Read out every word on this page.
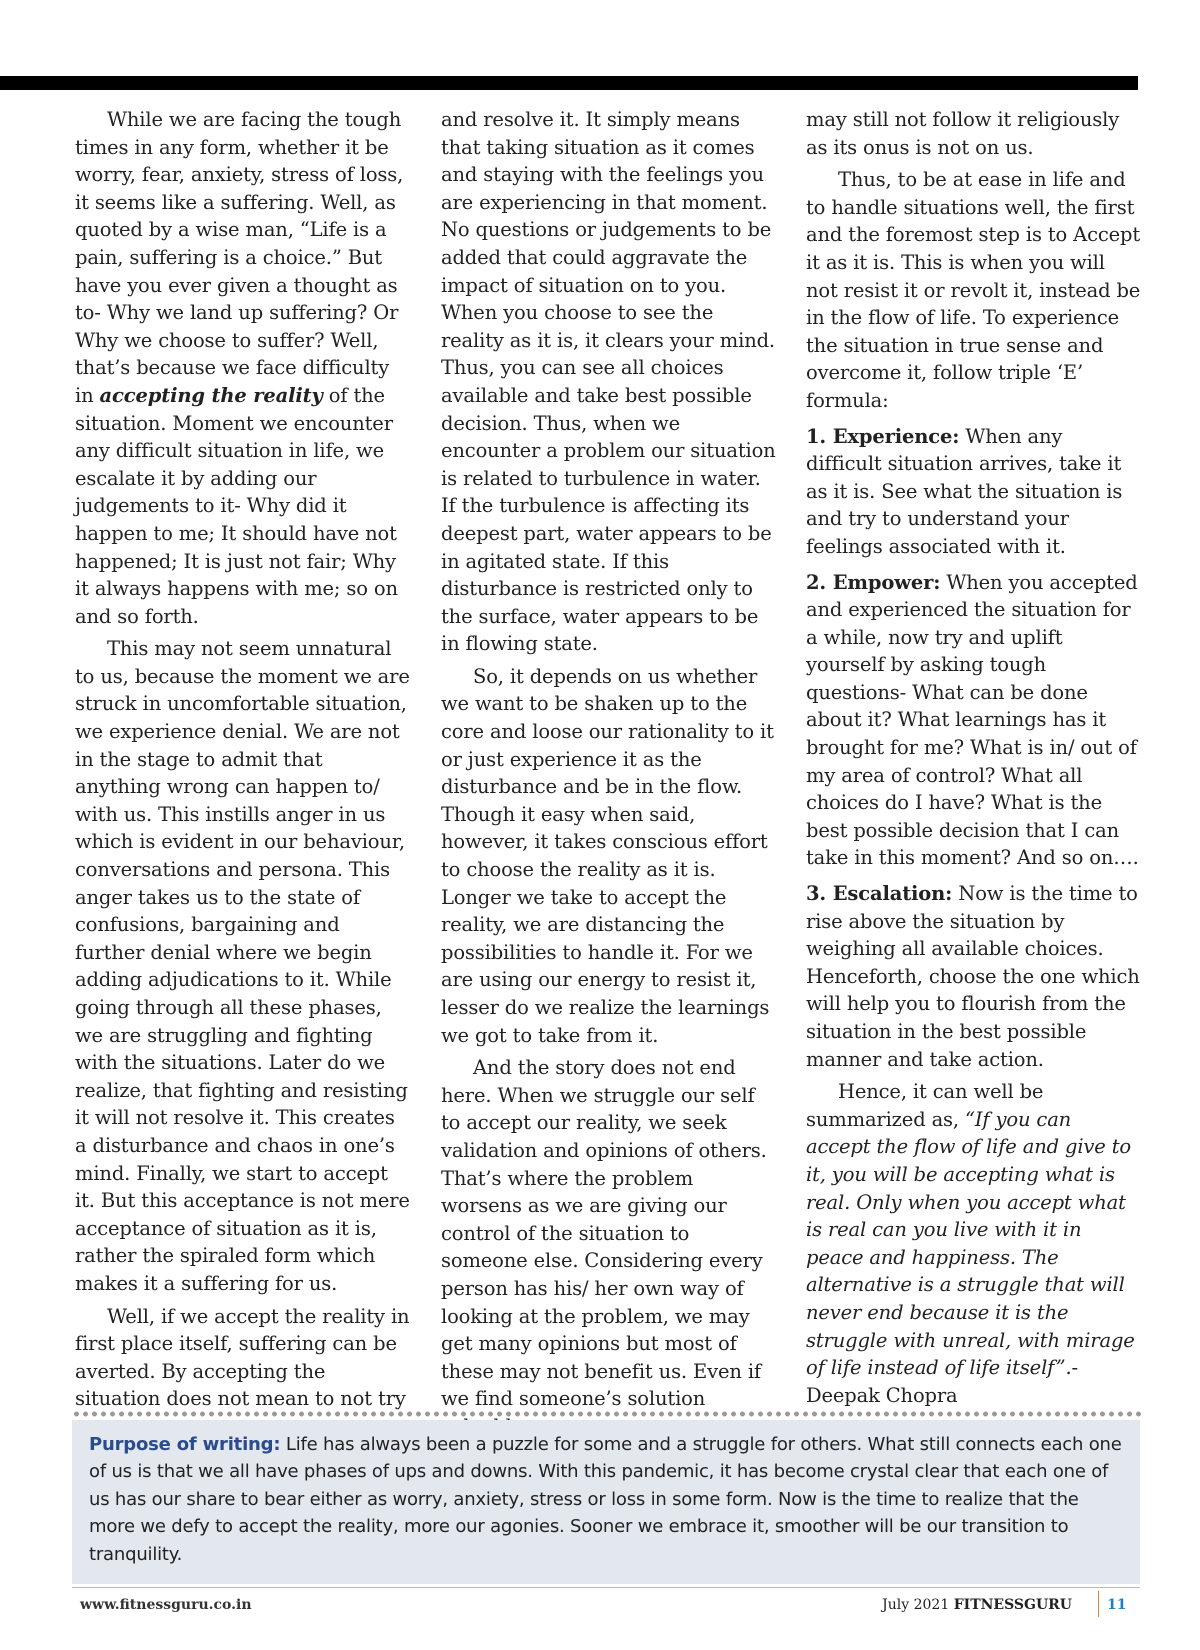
While we are facing the tough times in any form, whether it be worry, fear, anxiety, stress of loss, it seems like a suffering. Well, as quoted by a wise man, “Life is a pain, suffering is a choice.” But have you ever given a thought as to- Why we land up suffering? Or Why we choose to suffer? Well, that’s because we face difficulty in accepting the reality of the situation. Moment we encounter any difficult situation in life, we escalate it by adding our judgements to it- Why did it happen to me; It should have not happened; It is just not fair; Why it always happens with me; so on and so forth.

This may not seem unnatural to us, because the moment we are struck in uncomfortable situation, we experience denial. We are not in the stage to admit that anything wrong can happen to/ with us. This instills anger in us which is evident in our behaviour, conversations and persona. This anger takes us to the state of confusions, bargaining and further denial where we begin adding adjudications to it. While going through all these phases, we are struggling and fighting with the situations. Later do we realize, that fighting and resisting it will not resolve it. This creates a disturbance and chaos in one’s mind. Finally, we start to accept it. But this acceptance is not mere acceptance of situation as it is, rather the spiraled form which makes it a suffering for us.

Well, if we accept the reality in first place itself, suffering can be averted. By accepting the situation does not mean to not try

and resolve it. It simply means that taking situation as it comes and staying with the feelings you are experiencing in that moment. No questions or judgements to be added that could aggravate the impact of situation on to you. When you choose to see the reality as it is, it clears your mind. Thus, you can see all choices available and take best possible decision. Thus, when we encounter a problem our situation is related to turbulence in water. If the turbulence is affecting its deepest part, water appears to be in agitated state. If this disturbance is restricted only to the surface, water appears to be in flowing state.

So, it depends on us whether we want to be shaken up to the core and loose our rationality to it or just experience it as the disturbance and be in the flow. Though it easy when said, however, it takes conscious effort to choose the reality as it is. Longer we take to accept the reality, we are distancing the possibilities to handle it. For we are using our energy to resist it, lesser do we realize the learnings we got to take from it.

And the story does not end here. When we struggle our self to accept our reality, we seek validation and opinions of others. That’s where the problem worsens as we are giving our control of the situation to someone else. Considering every person has his/ her own way of looking at the problem, we may get many opinions but most of these may not benefit us. Even if we find someone’s solution

may still not follow it religiously as its onus is not on us.

Thus, to be at ease in life and to handle situations well, the first and the foremost step is to Accept it as it is. This is when you will not resist it or revolt it, instead be in the flow of life. To experience the situation in true sense and overcome it, follow triple ‘E’ formula:

1. Experience: When any difficult situation arrives, take it as it is. See what the situation is and try to understand your feelings associated with it.

2. Empower: When you accepted and experienced the situation for a while, now try and uplift yourself by asking tough questions- What can be done about it? What learnings has it brought for me? What is in/ out of my area of control? What all choices do I have? What is the best possible decision that I can take in this moment? And so on….

3. Escalation: Now is the time to rise above the situation by weighing all available choices. Henceforth, choose the one which will help you to flourish from the situation in the best possible manner and take action.

Hence, it can well be summarized as, “If you can accept the flow of life and give to it, you will be accepting what is real. Only when you accept what is real can you live with it in peace and happiness. The alternative is a struggle that will never end because it is the struggle with unreal, with mirage of life instead of life itself”.- Deepak Chopra

Purpose of writing: Life has always been a puzzle for some and a struggle for others. What still connects each one of us is that we all have phases of ups and downs. With this pandemic, it has become crystal clear that each one of us has our share to bear either as worry, anxiety, stress or loss in some form. Now is the time to realize that the more we defy to accept the reality, more our agonies. Sooner we embrace it, smoother will be our transition to tranquility.
www.fitnessguru.co.in	July 2021 FITNESSGURU	11
